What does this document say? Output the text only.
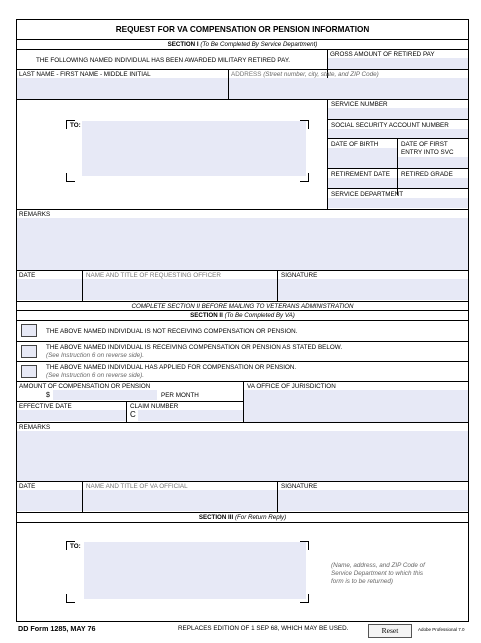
REQUEST FOR VA COMPENSATION OR PENSION INFORMATION
SECTION I (To Be Completed By Service Department)
THE FOLLOWING NAMED INDIVIDUAL HAS BEEN AWARDED MILITARY RETIRED PAY.
GROSS AMOUNT OF RETIRED PAY
LAST NAME - FIRST NAME - MIDDLE INITIAL	ADDRESS (Street number, city, state, and ZIP Code)
TO:
SERVICE NUMBER
SOCIAL SECURITY ACCOUNT NUMBER
DATE OF BIRTH	DATE OF FIRST
ENTRY INTO SVC
RETIREMENT DATE RETIRED GRADE
SERVICE DEPARTMENT
REMARKS
DATE	NAME AND TITLE OF REQUESTING OFFICER	SIGNATURE
COMPLETE SECTION II BEFORE MAILING TO VETERANS ADMINISTRATION
SECTION II (To Be Completed By VA)
THE ABOVE NAMED INDIVIDUAL IS NOT RECEIVING COMPENSATION OR PENSION.
THE ABOVE NAMED INDIVIDUAL IS RECEIVING COMPENSATION OR PENSION AS STATED BELOW.
(See Instruction 6 on reverse side).
THE ABOVE NAMED INDIVIDUAL HAS APPLIED FOR COMPENSATION OR PENSION.
(See Instruction 6 on reverse side).
AMOUNT OF COMPENSATION OR PENSION
$	PER MONTH
VA OFFICE OF JURISDICTION
EFFECTIVE DATE	CLAIM NUMBER
C
REMARKS
DATE	NAME AND TITLE OF VA OFFICIAL	SIGNATURE
SECTION III (For Return Reply)
TO:
(Name, address, and ZIP Code of
Service Department to which this
form is to be returned)
DD Form 1285, MAY 76	REPLACES EDITION OF 1 SEP 68, WHICH MAY BE USED.	Reset	Adobe Professional 7.0
